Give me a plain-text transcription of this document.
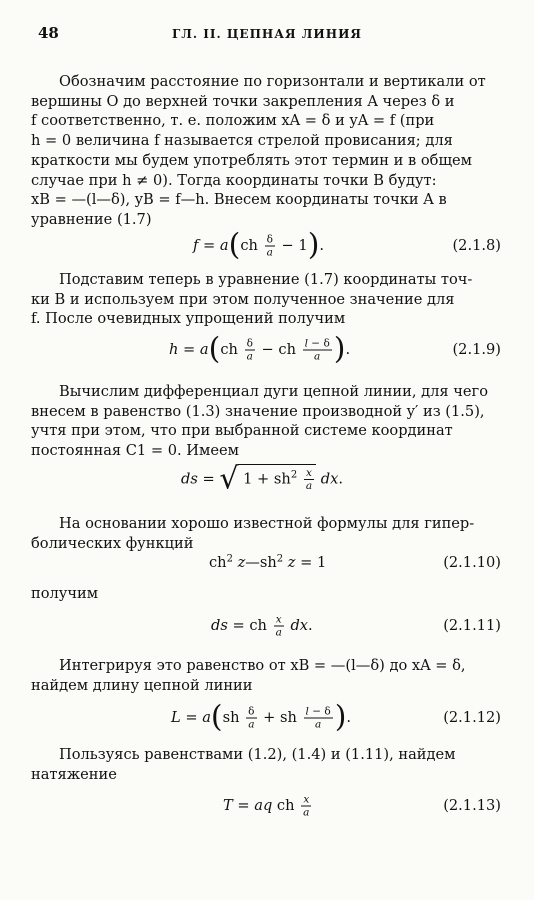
48	ГЛ. II. ЦЕПНАЯ ЛИНИЯ
Обозначим расстояние по горизонтали и вертикали от
вершины O до верхней точки закрепления A через δ и
f соответственно, т. е. положим xA = δ и yA = f (при
h = 0 величина f называется стрелой провисания; для
краткости мы будем употреблять этот термин и в общем
случае при h ≠ 0). Тогда координаты точки B будут:
xB = —(l—δ), yB = f—h. Внесем координаты точки A в
уравнение (1.7)
$f = a(ch \frac{\delta}{a} - 1)$.	(2.1.8)
Подставим теперь в уравнение (1.7) координаты точ-
ки B и используем при этом полученное значение для
f. После очевидных упрощений получим
$h = a(ch \frac{\delta}{a}$ − ch $\frac{l - \delta}{a}$ ).	(2.1.9)
Вычислим дифференциал дуги цепной линии, для чего
внесем в равенство (1.3) значение производной y′ из (1.5),
учтя при этом, что при выбранной системе координат
постоянная C1 = 0. Имеем
ds = √ $1 + sh^2 \frac{x}{a}$ dx.
На основании хорошо известной формулы для гипер-
болических функций
$ch^2$ $z—sh^2$ z = 1	(2.1.10)
получим
ds = ch $\frac{x}{a}$ dx.	(2.1.11)
Интегрируя это равенство от xB = —(l—δ) до xA = δ,
найдем длину цепной линии
$L = a(sh \frac{\delta}{a}$ + sh $\frac{l - \delta}{a}$ ).	(2.1.12)
Пользуясь равенствами (1.2), (1.4) и (1.11), найдем
натяжение
T = aq ch $\frac{x}{a}$	(2.1.13)
